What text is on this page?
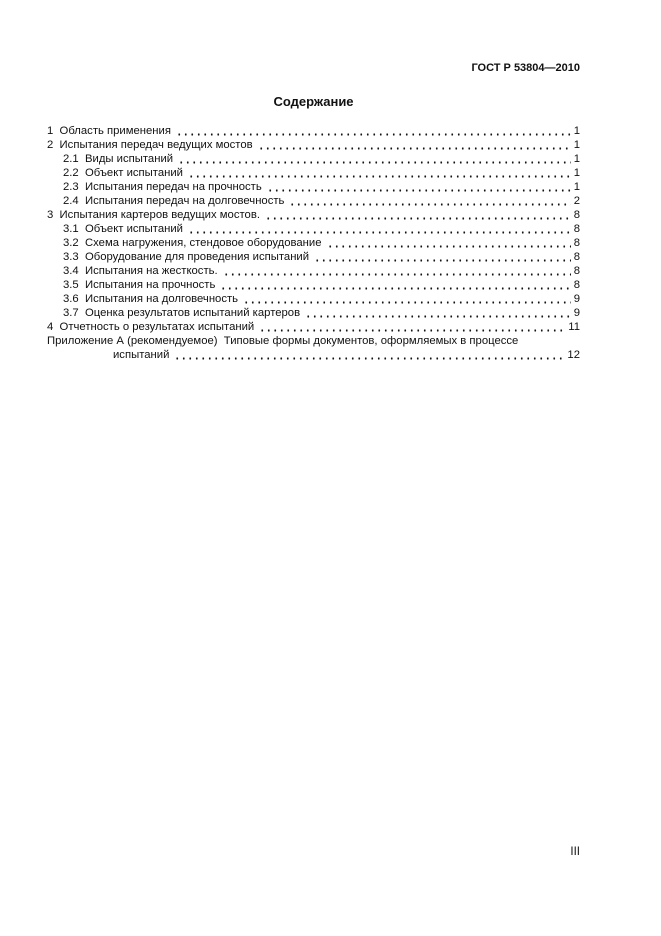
ГОСТ Р 53804—2010
Содержание
1  Область применения	1
2  Испытания передач ведущих мостов	1
2.1  Виды испытаний	1
2.2  Объект испытаний	1
2.3  Испытания передач на прочность	1
2.4  Испытания передач на долговечность	2
3  Испытания картеров ведущих мостов.	8
3.1  Объект испытаний	8
3.2  Схема нагружения, стендовое оборудование	8
3.3  Оборудование для проведения испытаний	8
3.4  Испытания на жесткость.	8
3.5  Испытания на прочность	8
3.6  Испытания на долговечность	9
3.7  Оценка результатов испытаний картеров	9
4  Отчетность о результатах испытаний	11
Приложение А (рекомендуемое)  Типовые формы документов, оформляемых в процессе
испытаний	12
III
